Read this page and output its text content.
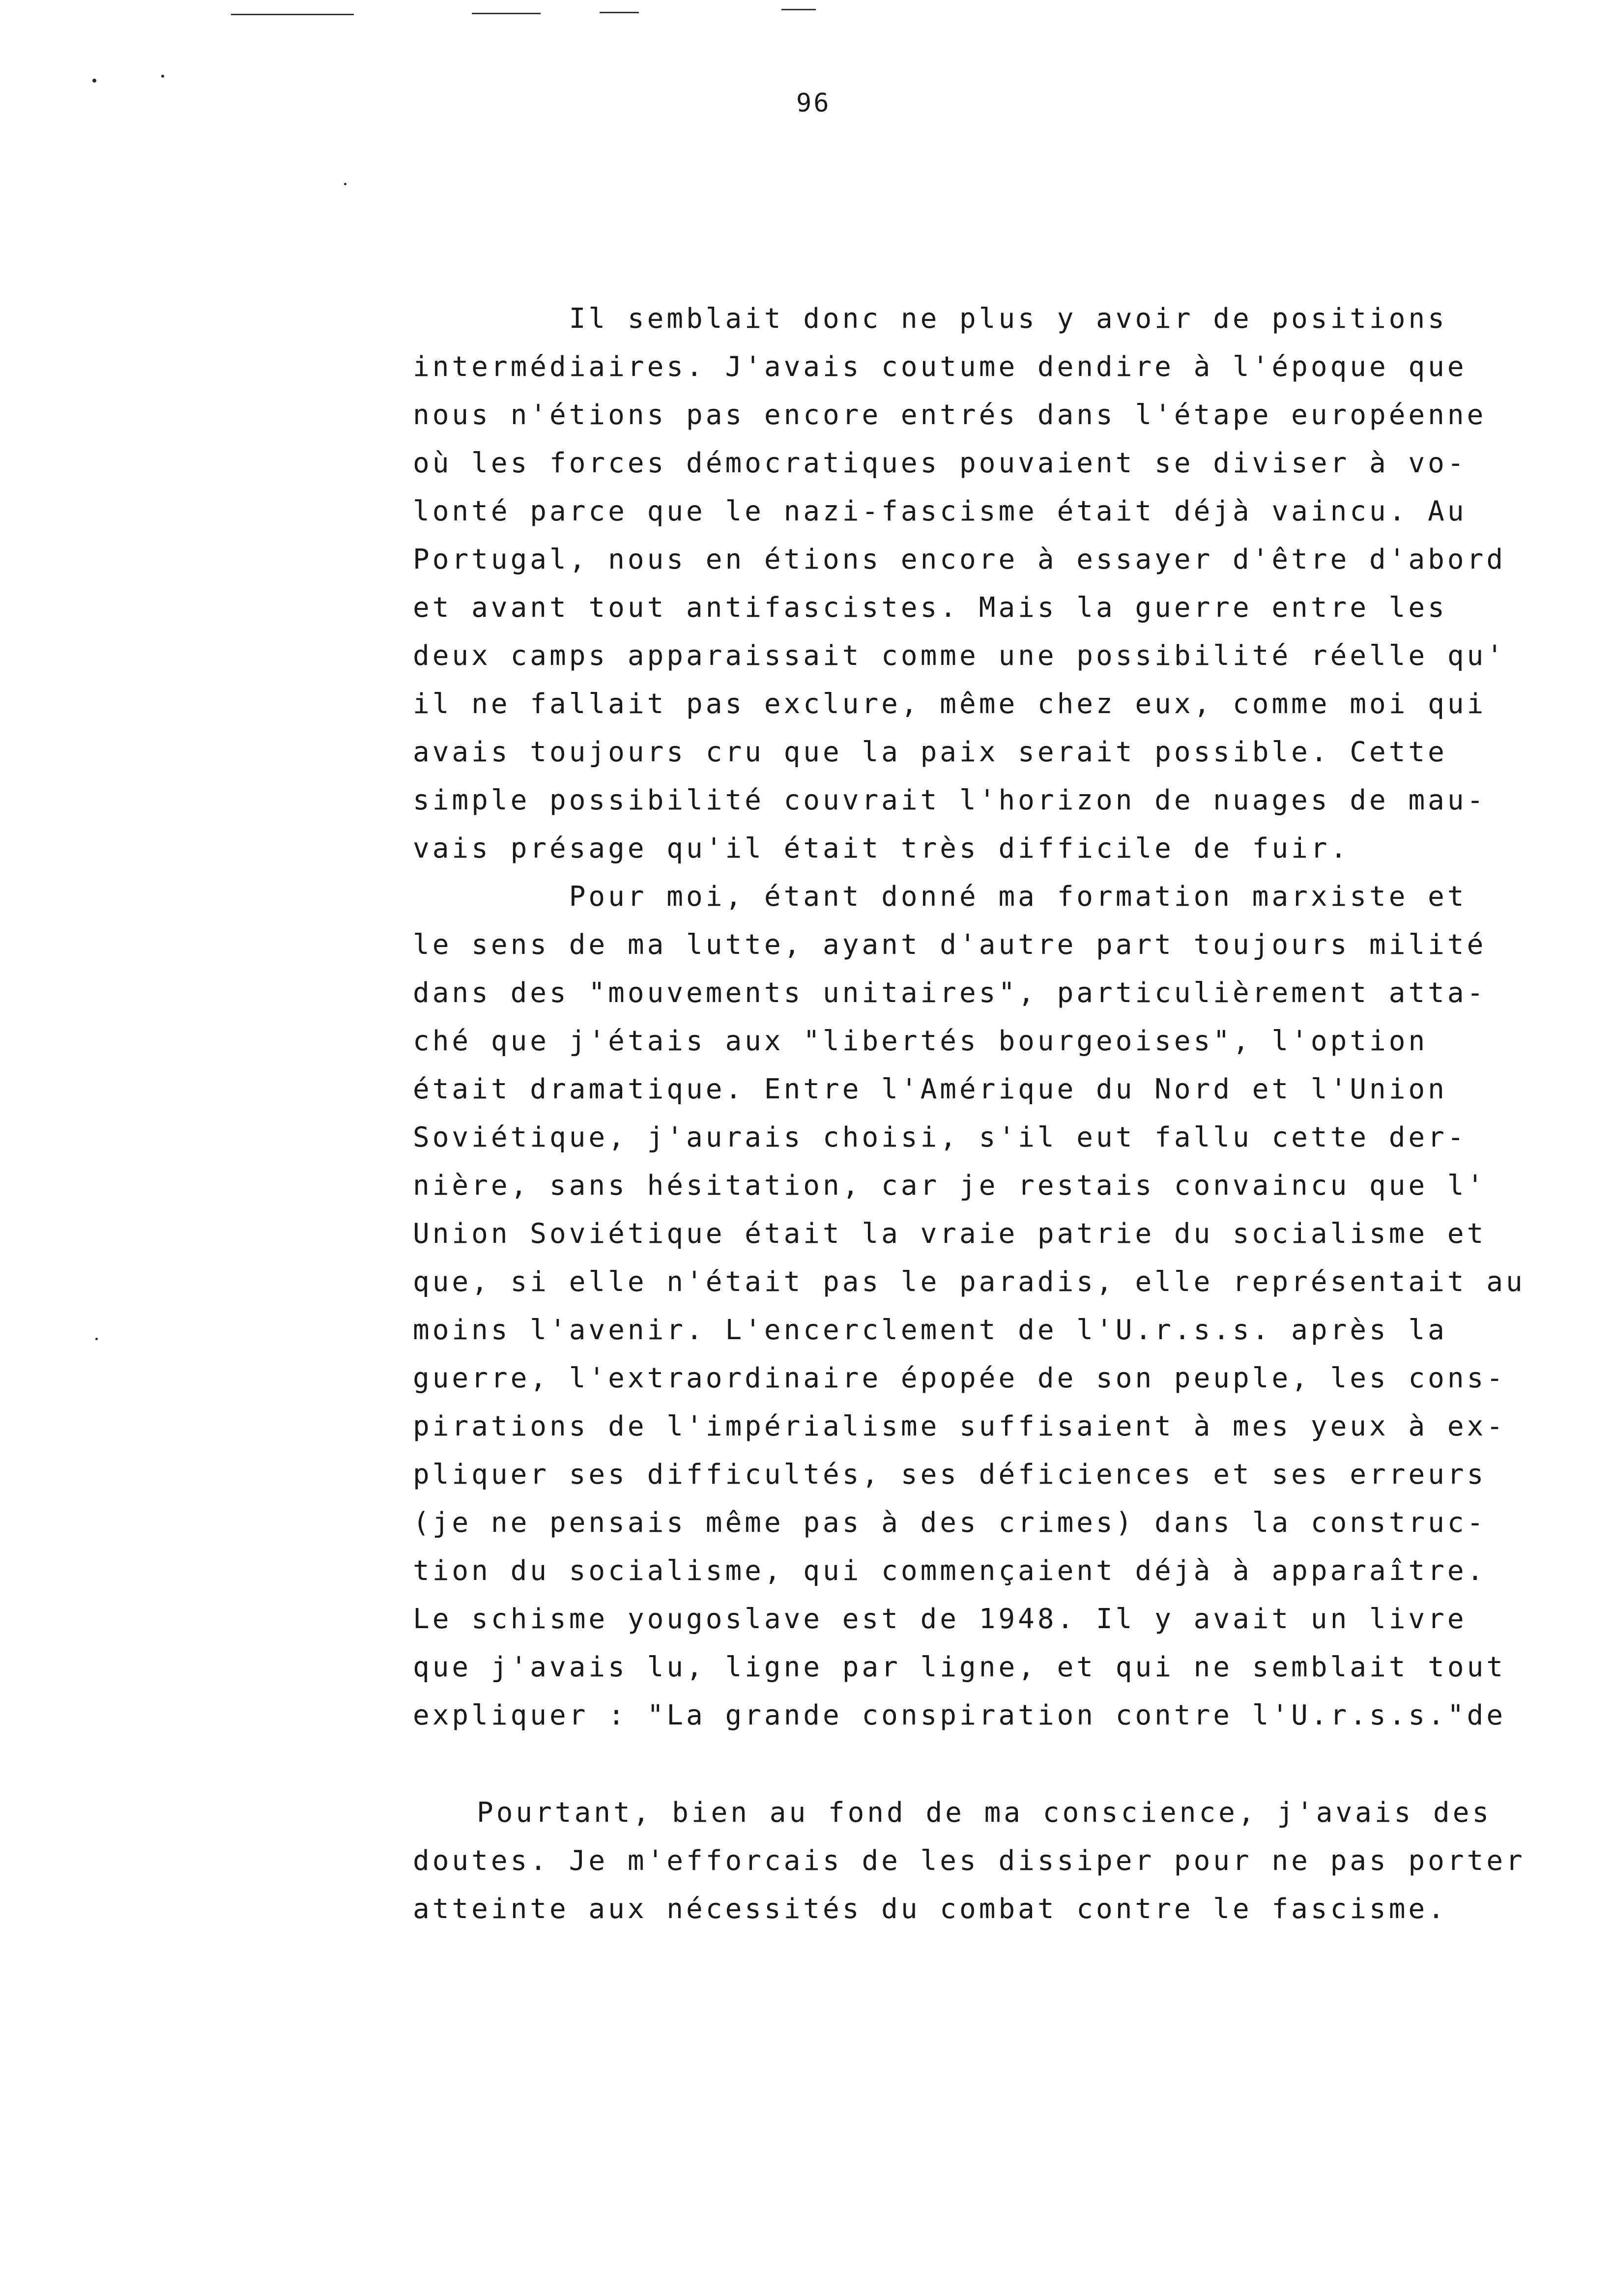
96
Il semblait donc ne plus y avoir de positions
intermédiaires. J'avais coutume dendire à l'époque que
nous n'étions pas encore entrés dans l'étape européenne
où les forces démocratiques pouvaient se diviser à vo-
lonté parce que le nazi-fascisme était déjà vaincu. Au
Portugal, nous en étions encore à essayer d'être d'abord
et avant tout antifascistes. Mais la guerre entre les
deux camps apparaissait comme une possibilité réelle qu'
il ne fallait pas exclure, même chez eux, comme moi qui
avais toujours cru que la paix serait possible. Cette
simple possibilité couvrait l'horizon de nuages de mau-
vais présage qu'il était très difficile de fuir.
Pour moi, étant donné ma formation marxiste et
le sens de ma lutte, ayant d'autre part toujours milité
dans des "mouvements unitaires", particulièrement atta-
ché que j'étais aux "libertés bourgeoises", l'option
était dramatique. Entre l'Amérique du Nord et l'Union
Soviétique, j'aurais choisi, s'il eut fallu cette der-
nière, sans hésitation, car je restais convaincu que l'
Union Soviétique était la vraie patrie du socialisme et
que, si elle n'était pas le paradis, elle représentait au
moins l'avenir. L'encerclement de l'U.r.s.s. après la
guerre, l'extraordinaire épopée de son peuple, les cons-
pirations de l'impérialisme suffisaient à mes yeux à ex-
pliquer ses difficultés, ses déficiences et ses erreurs
(je ne pensais même pas à des crimes) dans la construc-
tion du socialisme, qui commençaient déjà à apparaître.
Le schisme yougoslave est de 1948. Il y avait un livre
que j'avais lu, ligne par ligne, et qui ne semblait tout
expliquer : "La grande conspiration contre l'U.r.s.s."de
Pourtant, bien au fond de ma conscience, j'avais des
doutes. Je m'efforcais de les dissiper pour ne pas porter
atteinte aux nécessités du combat contre le fascisme.
